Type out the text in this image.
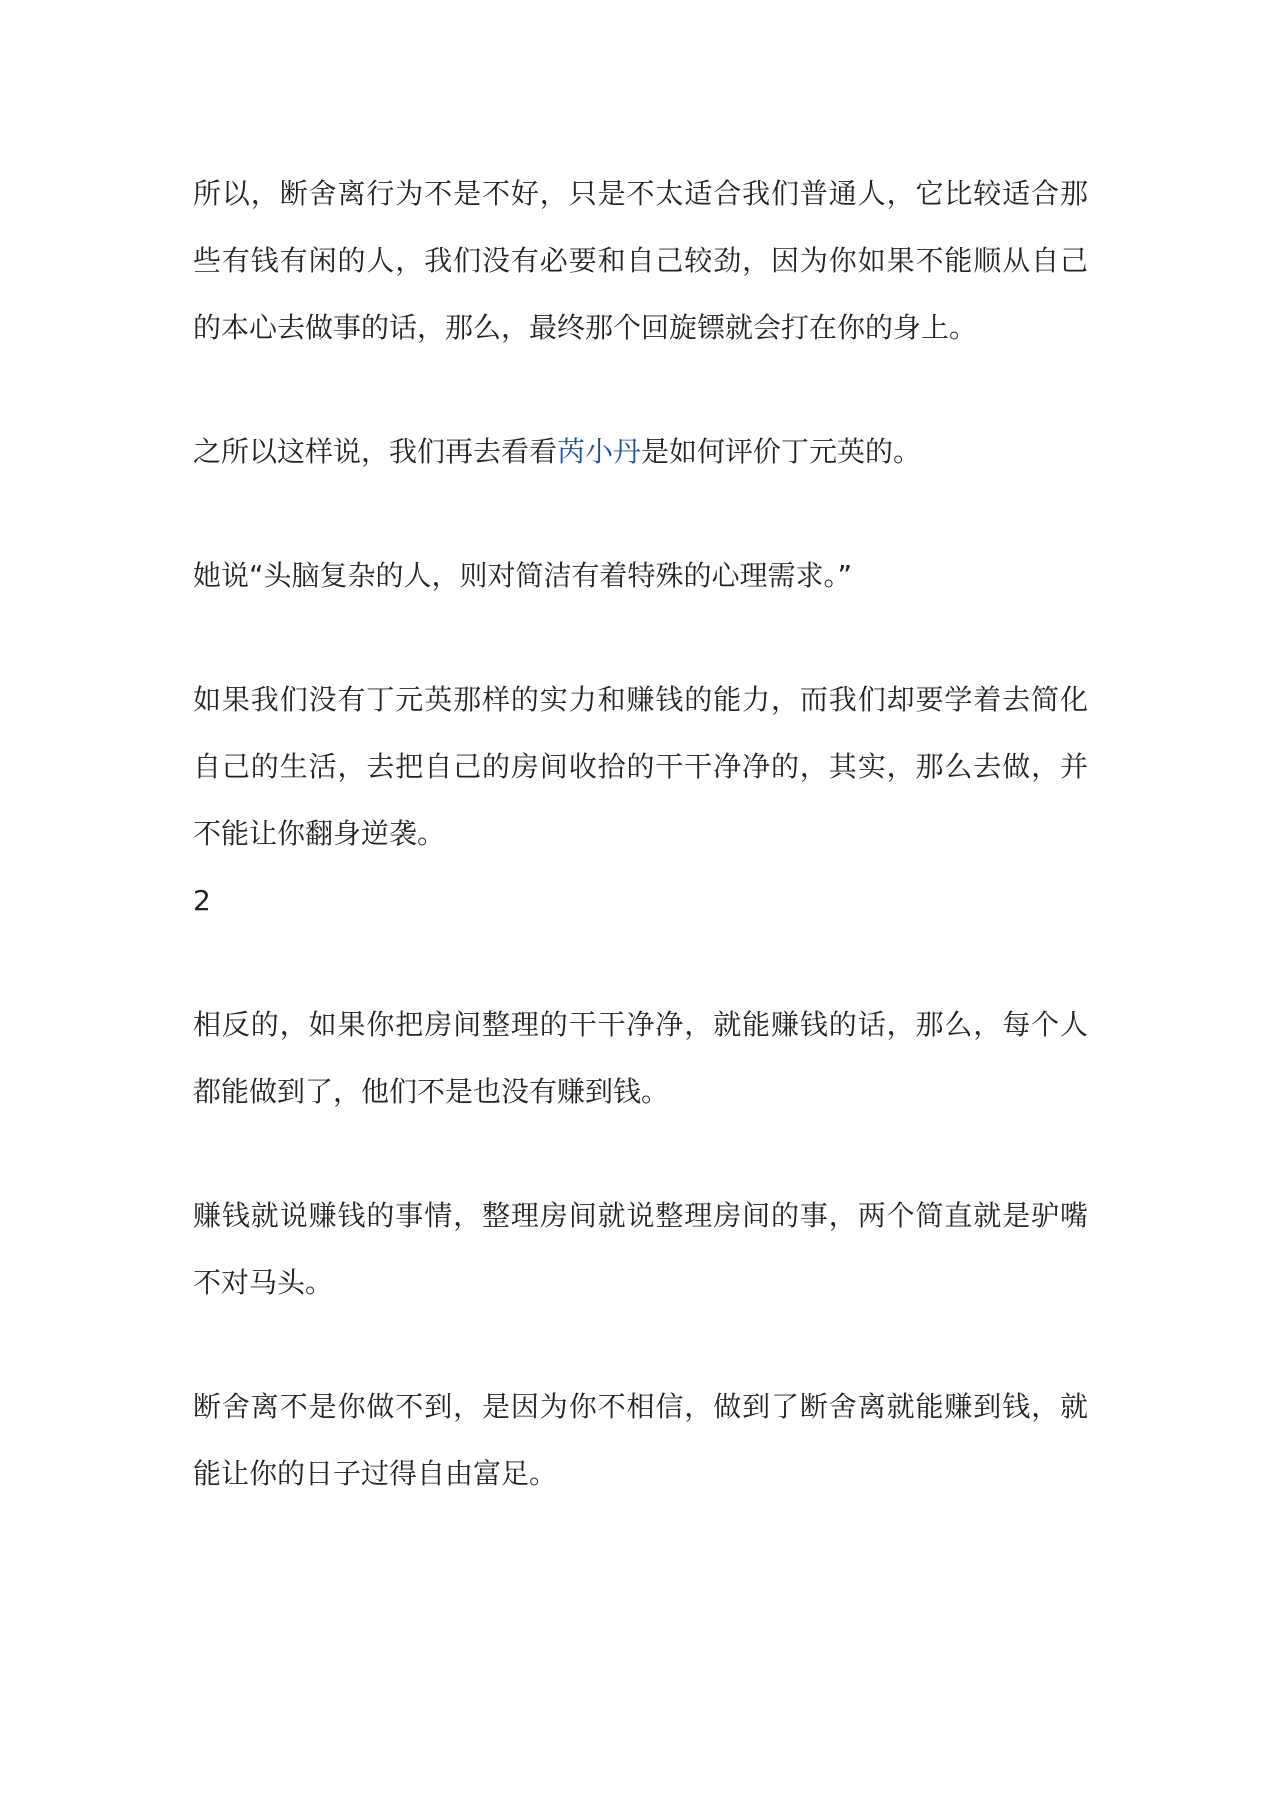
所以，断舍离行为不是不好，只是不太适合我们普通人，它比较适合那些有钱有闲的人，我们没有必要和自己较劲，因为你如果不能顺从自己的本心去做事的话，那么，最终那个回旋镖就会打在你的身上。

之所以这样说，我们再去看看芮小丹是如何评价丁元英的。

她说“头脑复杂的人，则对简洁有着特殊的心理需求。”

如果我们没有丁元英那样的实力和赚钱的能力，而我们却要学着去简化自己的生活，去把自己的房间收拾的干干净净的，其实，那么去做，并不能让你翻身逆袭。

2

相反的，如果你把房间整理的干干净净，就能赚钱的话，那么，每个人都能做到了，他们不是也没有赚到钱。

赚钱就说赚钱的事情，整理房间就说整理房间的事，两个简直就是驴嘴不对马头。

断舍离不是你做不到，是因为你不相信，做到了断舍离就能赚到钱，就能让你的日子过得自由富足。
